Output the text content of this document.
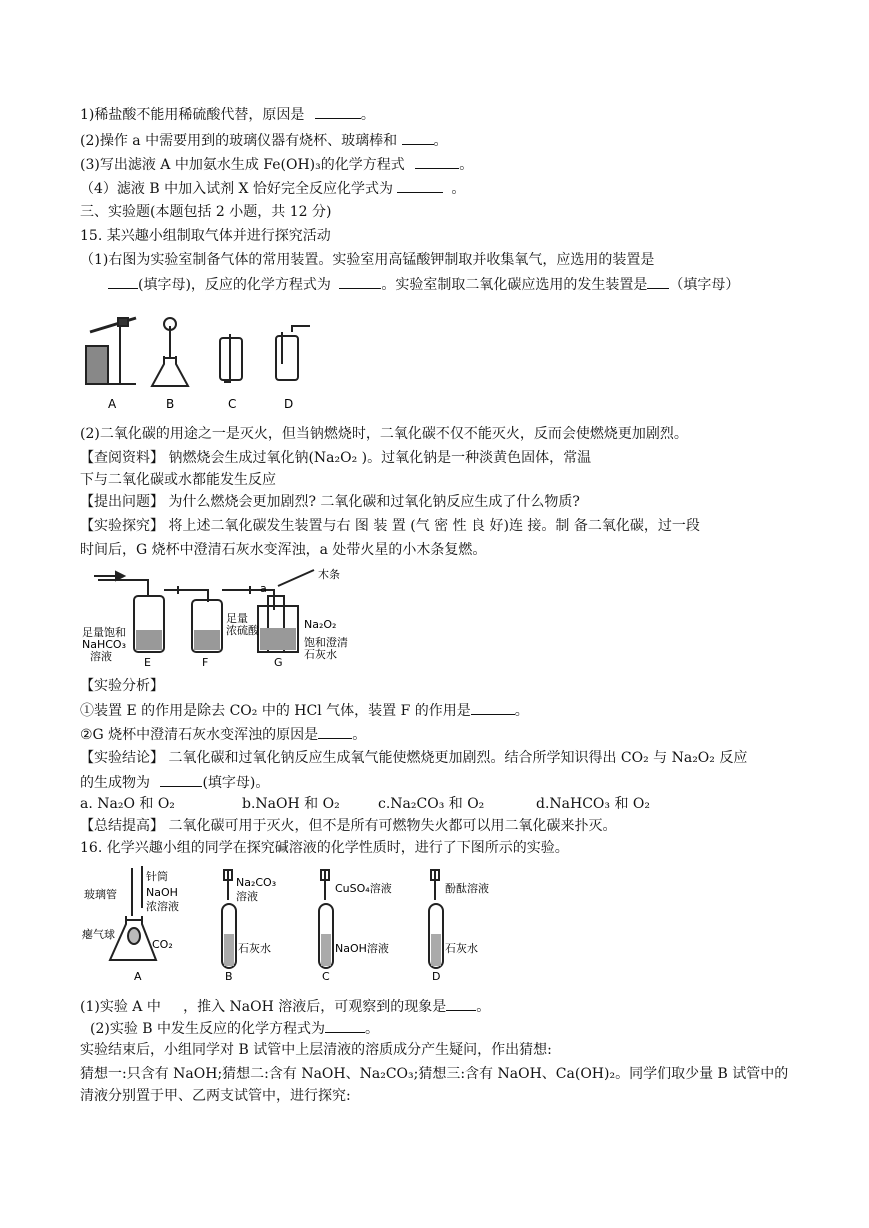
1)稀盐酸不能用稀硫酸代替，原因是	。
(2)操作 a 中需要用到的玻璃仪器有烧杯、玻璃棒和	。
(3)写出滤液 A 中加氨水生成 Fe(OH)₃的化学方程式	。
（4）滤液 B 中加入试剂 X 恰好完全反应化学式为	。
三、实验题(本题包括 2 小题，共 12 分)
15. 某兴趣小组制取气体并进行探究活动
（1)右图为实验室制备气体的常用装置。实验室用高锰酸钾制取并收集氧气，应选用的装置是
(填字母)，反应的化学方程式为	。实验室制取二氧化碳应选用的发生装置是 （填字母）
A	B	C	D
(2)二氧化碳的用途之一是灭火，但当钠燃烧时，二氧化碳不仅不能灭火，反而会使燃烧更加剧烈。
【查阅资料】 钠燃烧会生成过氧化钠(Na₂O₂ )。过氧化钠是一种淡黄色固体，常温
下与二氧化碳或水都能发生反应
【提出问题】 为什么燃烧会更加剧烈? 二氧化碳和过氧化钠反应生成了什么物质?
【实验探究】 将上述二氧化碳发生装置与右 图 装 置 (气 密 性 良 好)连 接。制 备二氧化碳，过一段
时间后，G 烧杯中澄清石灰水变浑浊，a 处带火星的小木条复燃。
足量饱和
NaHCO₃
溶液
足量
浓硫酸
a
木条
Na₂O₂
饱和澄清
石灰水
E	F	G
【实验分析】
①装置 E 的作用是除去 CO₂ 中的 HCl 气体，装置 F 的作用是	。
②G 烧杯中澄清石灰水变浑浊的原因是 。
【实验结论】 二氧化碳和过氧化钠反应生成氧气能使燃烧更加剧烈。结合所学知识得出 CO₂ 与 Na₂O₂ 反应
的生成物为	(填字母)。
a. Na₂O 和 O₂	b.NaOH 和 O₂	c.Na₂CO₃ 和 O₂	d.NaHCO₃ 和 O₂
【总结提高】 二氧化碳可用于灭火，但不是所有可燃物失火都可以用二氧化碳来扑灭。
16. 化学兴趣小组的同学在探究碱溶液的化学性质时，进行了下图所示的实验。
针筒
NaOH
浓溶液
玻璃管
瘪气球
CO₂
Na₂CO₃
溶液
石灰水
CuSO₄溶液
NaOH溶液
酚酞溶液
石灰水
A	B	C	D
(1)实验 A 中     ，推入 NaOH 溶液后，可观察到的现象是 。
(2)实验 B 中发生反应的化学方程式为	。
实验结束后，小组同学对 B 试管中上层清液的溶质成分产生疑问，作出猜想:
猜想一:只含有 NaOH;猜想二:含有 NaOH、Na₂CO₃;猜想三:含有 NaOH、Ca(OH)₂。同学们取少量 B 试管中的
清液分别置于甲、乙两支试管中，进行探究:
